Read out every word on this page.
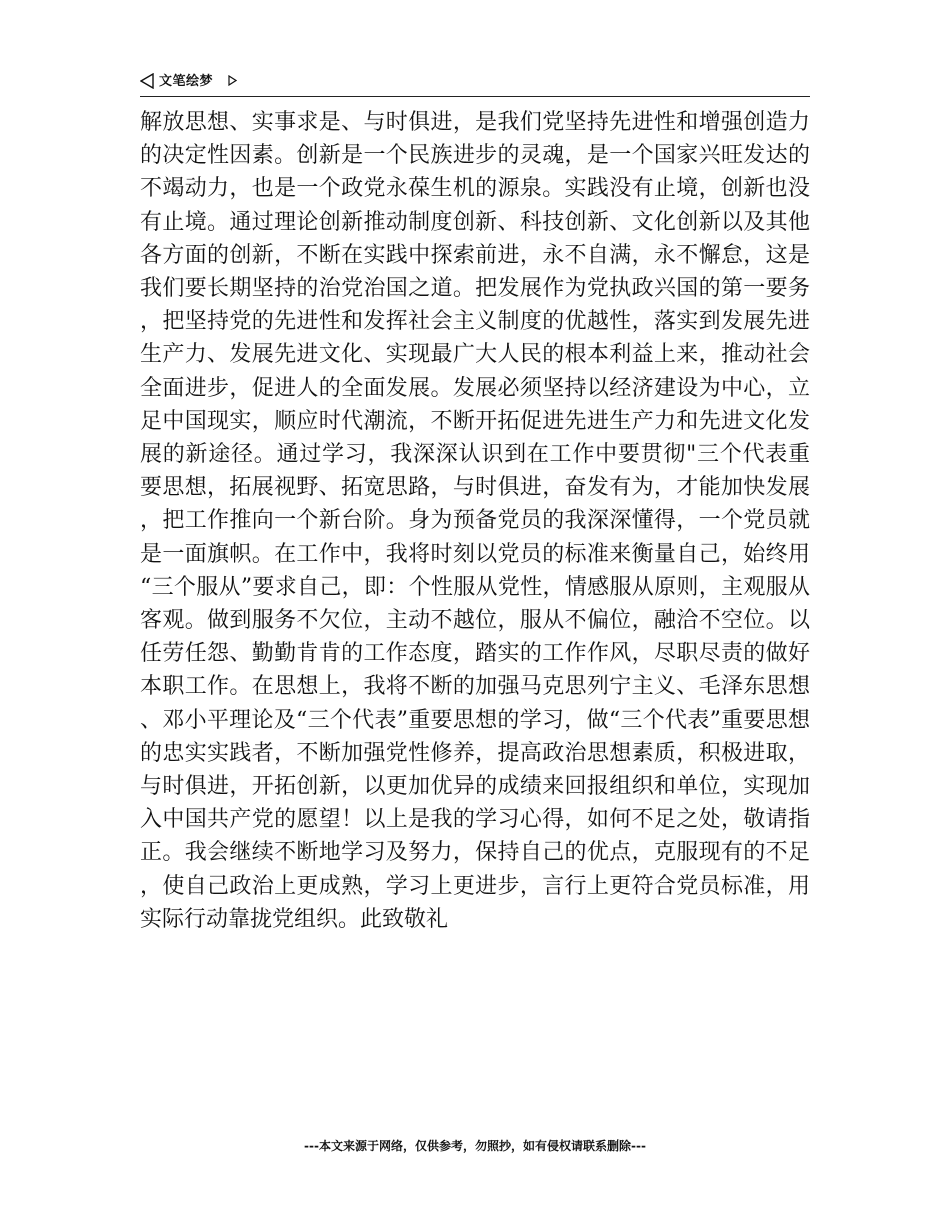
文笔绘梦

解放思想、实事求是、与时俱进，是我们党坚持先进性和增强创造力的决定性因素。创新是一个民族进步的灵魂，是一个国家兴旺发达的不竭动力，也是一个政党永葆生机的源泉。实践没有止境，创新也没有止境。通过理论创新推动制度创新、科技创新、文化创新以及其他各方面的创新，不断在实践中探索前进，永不自满，永不懈怠，这是我们要长期坚持的治党治国之道。把发展作为党执政兴国的第一要务，把坚持党的先进性和发挥社会主义制度的优越性，落实到发展先进生产力、发展先进文化、实现最广大人民的根本利益上来，推动社会全面进步，促进人的全面发展。发展必须坚持以经济建设为中心，立足中国现实，顺应时代潮流，不断开拓促进先进生产力和先进文化发展的新途径。通过学习，我深深认识到在工作中要贯彻"三个代表重要思想，拓展视野、拓宽思路，与时俱进，奋发有为，才能加快发展，把工作推向一个新台阶。身为预备党员的我深深懂得，一个党员就是一面旗帜。在工作中，我将时刻以党员的标准来衡量自己，始终用“三个服从”要求自己，即：个性服从党性，情感服从原则，主观服从客观。做到服务不欠位，主动不越位，服从不偏位，融洽不空位。以任劳任怨、勤勤肯肯的工作态度，踏实的工作作风，尽职尽责的做好本职工作。在思想上，我将不断的加强马克思列宁主义、毛泽东思想、邓小平理论及“三个代表”重要思想的学习，做“三个代表”重要思想的忠实实践者，不断加强党性修养，提高政治思想素质，积极进取，与时俱进，开拓创新，以更加优异的成绩来回报组织和单位，实现加入中国共产党的愿望！以上是我的学习心得，如何不足之处，敬请指正。我会继续不断地学习及努力，保持自己的优点，克服现有的不足，使自己政治上更成熟，学习上更进步，言行上更符合党员标准，用实际行动靠拢党组织。此致敬礼

---本文来源于网络，仅供参考，勿照抄，如有侵权请联系删除---
